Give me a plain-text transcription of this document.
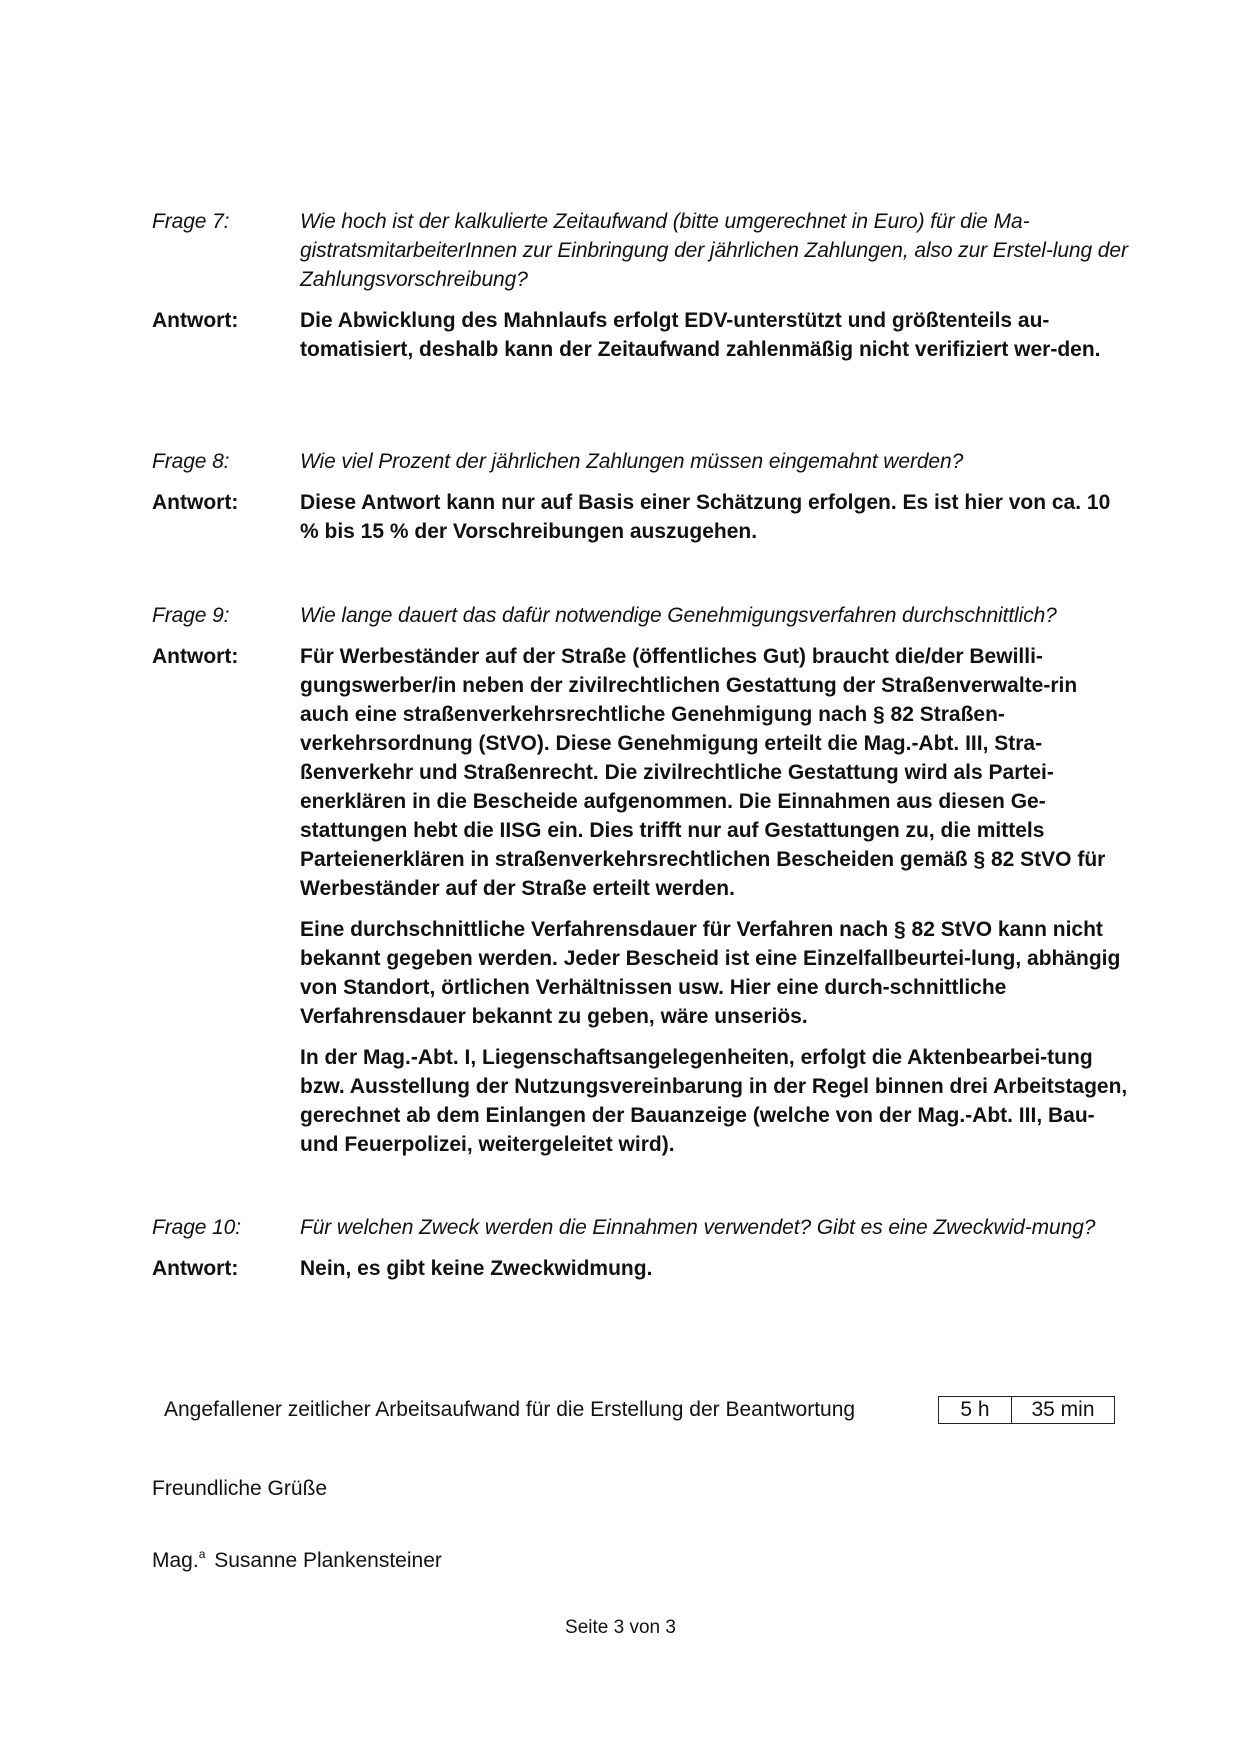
Frage 7:	Wie hoch ist der kalkulierte Zeitaufwand (bitte umgerechnet in Euro) für die Ma-gistratsmitarbeiterInnen zur Einbringung der jährlichen Zahlungen, also zur Erstel-lung der Zahlungsvorschreibung?
Antwort:	Die Abwicklung des Mahnlaufs erfolgt EDV-unterstützt und größtenteils au-tomatisiert, deshalb kann der Zeitaufwand zahlenmäßig nicht verifiziert wer-den.

Frage 8:	Wie viel Prozent der jährlichen Zahlungen müssen eingemahnt werden?
Antwort:	Diese Antwort kann nur auf Basis einer Schätzung erfolgen. Es ist hier von ca. 10 % bis 15 % der Vorschreibungen auszugehen.

Frage 9:	Wie lange dauert das dafür notwendige Genehmigungsverfahren durchschnittlich?
Antwort:	Für Werbeständer auf der Straße (öffentliches Gut) braucht die/der Bewilli-gungswerber/in neben der zivilrechtlichen Gestattung der Straßenverwalte-rin auch eine straßenverkehrsrechtliche Genehmigung nach § 82 Straßen-verkehrsordnung (StVO). Diese Genehmigung erteilt die Mag.-Abt. III, Stra-ßenverkehr und Straßenrecht. Die zivilrechtliche Gestattung wird als Partei-enerklären in die Bescheide aufgenommen. Die Einnahmen aus diesen Ge-stattungen hebt die IISG ein. Dies trifft nur auf Gestattungen zu, die mittels Parteienerklären in straßenverkehrsrechtlichen Bescheiden gemäß § 82 StVO für Werbeständer auf der Straße erteilt werden.

Eine durchschnittliche Verfahrensdauer für Verfahren nach § 82 StVO kann nicht bekannt gegeben werden. Jeder Bescheid ist eine Einzelfallbeurtei-lung, abhängig von Standort, örtlichen Verhältnissen usw. Hier eine durch-schnittliche Verfahrensdauer bekannt zu geben, wäre unseriös.

In der Mag.-Abt. I, Liegenschaftsangelegenheiten, erfolgt die Aktenbearbei-tung bzw. Ausstellung der Nutzungsvereinbarung in der Regel binnen drei Arbeitstagen, gerechnet ab dem Einlangen der Bauanzeige (welche von der Mag.-Abt. III, Bau- und Feuerpolizei, weitergeleitet wird).

Frage 10:	Für welchen Zweck werden die Einnahmen verwendet? Gibt es eine Zweckwid-mung?
Antwort:	Nein, es gibt keine Zweckwidmung.

Angefallener zeitlicher Arbeitsaufwand für die Erstellung der Beantwortung	5 h	35 min
Freundliche Grüße
Mag.$^a$ Susanne Plankensteiner
Seite 3 von 3
